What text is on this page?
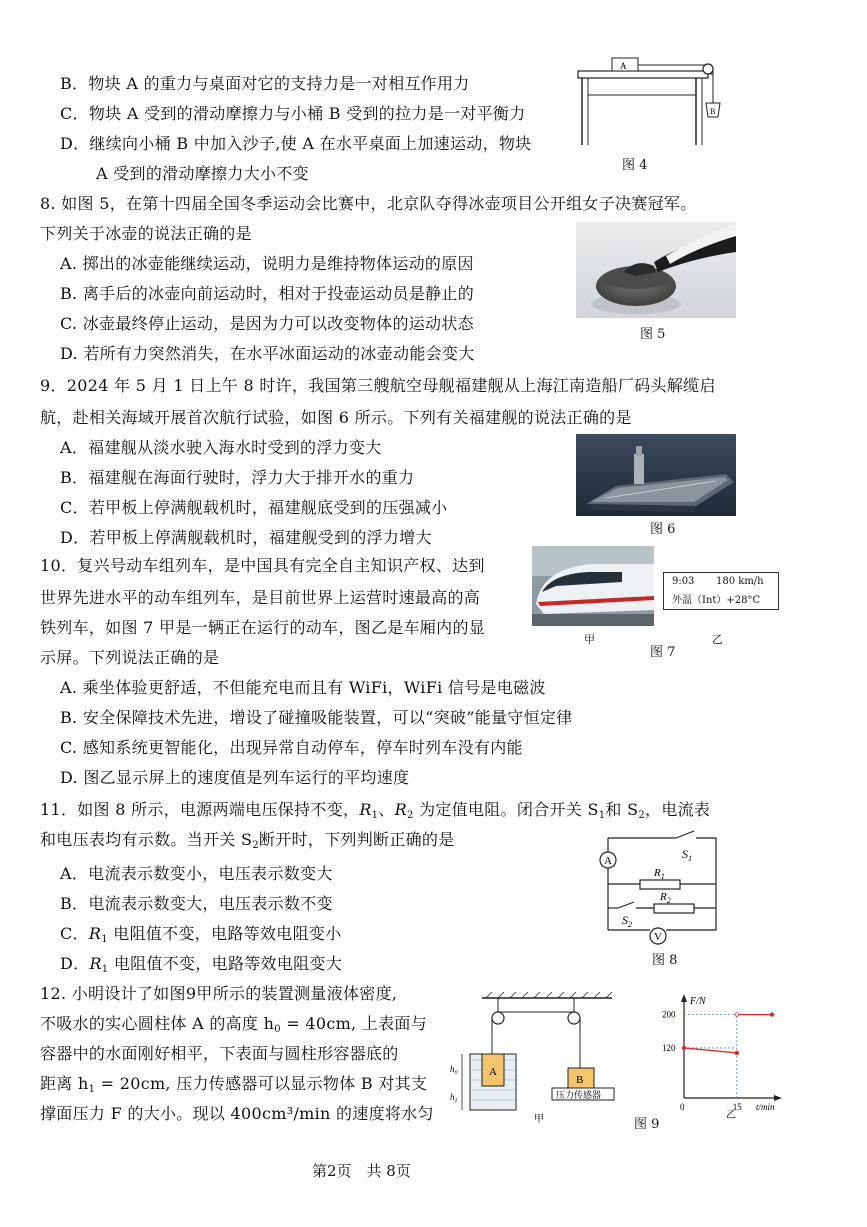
B．物块 A 的重力与桌面对它的支持力是一对相互作用力
C．物块 A 受到的滑动摩擦力与小桶 B 受到的拉力是一对平衡力
D．继续向小桶 B 中加入沙子,使 A 在水平桌面上加速运动，物块
A 受到的滑动摩擦力大小不变
A
B
图 4
8. 如图 5，在第十四届全国冬季运动会比赛中，北京队夺得冰壶项目公开组女子决赛冠军。
下列关于冰壶的说法正确的是
A. 掷出的冰壶能继续运动，说明力是维持物体运动的原因
B. 离手后的冰壶向前运动时，相对于投壶运动员是静止的
C. 冰壶最终停止运动，是因为力可以改变物体的运动状态
D. 若所有力突然消失，在水平冰面运动的冰壶动能会变大
图 5
9．2024 年 5 月 1 日上午 8 时许，我国第三艘航空母舰福建舰从上海江南造船厂码头解缆启
航，赴相关海域开展首次航行试验，如图 6 所示。下列有关福建舰的说法正确的是
A．福建舰从淡水驶入海水时受到的浮力变大
B．福建舰在海面行驶时，浮力大于排开水的重力
C．若甲板上停满舰载机时，福建舰底受到的压强减小
D．若甲板上停满舰载机时，福建舰受到的浮力增大	图 6
10．复兴号动车组列车，是中国具有完全自主知识产权、达到
世界先进水平的动车组列车，是目前世界上运营时速最高的高
铁列车，如图 7 甲是一辆正在运行的动车，图乙是车厢内的显
示屏。下列说法正确的是
A. 乘坐体验更舒适，不但能充电而且有 WiFi，WiFi 信号是电磁波
B. 安全保障技术先进，增设了碰撞吸能装置，可以“突破”能量守恒定律
C. 感知系统更智能化，出现异常自动停车，停车时列车没有内能
D. 图乙显示屏上的速度值是列车运行的平均速度
甲
9:03 180 km/h
外温（Int）+28°C
图 7
乙
11．如图 8 所示，电源两端电压保持不变，$R_1$、$R_2$ 为定值电阻。闭合开关 $S_1$和 $S_2$，电流表
和电压表均有示数。当开关 $S_2$断开时，下列判断正确的是
A．电流表示数变小，电压表示数变大
B．电流表示数变大，电压表示数不变
C．$R_1$ 电阻值不变，电路等效电阻变小
D．$R_1$ 电阻值不变，电路等效电阻变大
A
V
$S_1$
$R_1$
$R_2$
$S_2$
图 8
12. 小明设计了如图9甲所示的装置测量液体密度,
不吸水的实心圆柱体 A 的高度 $h_0 = 40cm$, 上表面与
容器中的水面刚好相平，下表面与圆柱形容器底的
距离 $h_1 = 20cm$, 压力传感器可以显示物体 B 对其支
撑面压力 F 的大小。现以 400cm³/min 的速度将水匀
A
$h_0$
$h_1$
B
压力传感器
甲	图 9
F/N
t/min
120
200
0	15
乙
第2页　共 8页
